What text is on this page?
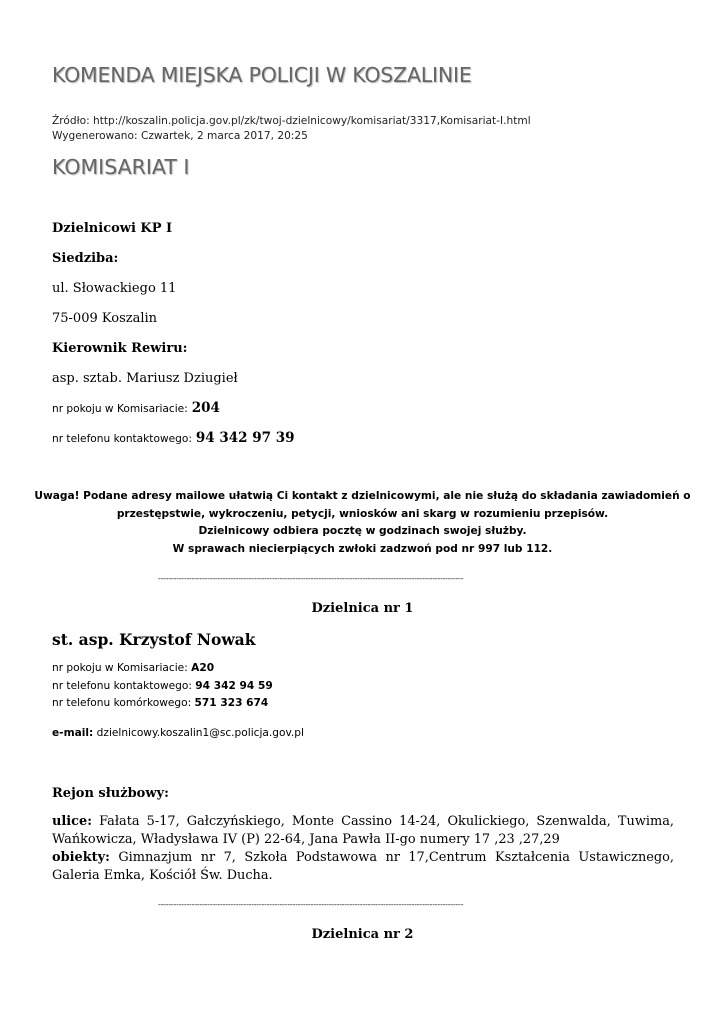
KOMENDA MIEJSKA POLICJI W KOSZALINIE
Źródło: http://koszalin.policja.gov.pl/zk/twoj-dzielnicowy/komisariat/3317,Komisariat-I.html
Wygenerowano: Czwartek, 2 marca 2017, 20:25
KOMISARIAT I
Dzielnicowi KP I
Siedziba:
ul. Słowackiego 11
75-009 Koszalin
Kierownik Rewiru:
asp. sztab. Mariusz Dziugieł
nr pokoju w Komisariacie: 204
nr telefonu kontaktowego: 94 342 97 39
Uwaga! Podane adresy mailowe ułatwią Ci kontakt z dzielnicowymi, ale nie służą do składania zawiadomień o
przestępstwie, wykroczeniu, petycji, wniosków ani skarg w rozumieniu przepisów.
Dzielnicowy odbiera pocztę w godzinach swojej służby.
W sprawach niecierpiących zwłoki zadzwoń pod nr 997 lub 112.
----------------------------------------------------------------------------------------------------------------------
Dzielnica nr 1
st. asp. Krzystof Nowak
nr pokoju w Komisariacie: A20
nr telefonu kontaktowego: 94 342 94 59
nr telefonu komórkowego: 571 323 674
e-mail: dzielnicowy.koszalin1@sc.policja.gov.pl
Rejon służbowy:
ulice: Fałata 5-17, Gałczyńskiego, Monte Cassino 14-24, Okulickiego, Szenwalda, Tuwima, Wańkowicza, Władysława IV (P) 22-64, Jana Pawła II-go numery 17 ,23 ,27,29
obiekty: Gimnazjum nr 7, Szkoła Podstawowa nr 17,Centrum Kształcenia Ustawicznego, Galeria Emka, Kościół Św. Ducha.
----------------------------------------------------------------------------------------------------------------------
Dzielnica nr 2
